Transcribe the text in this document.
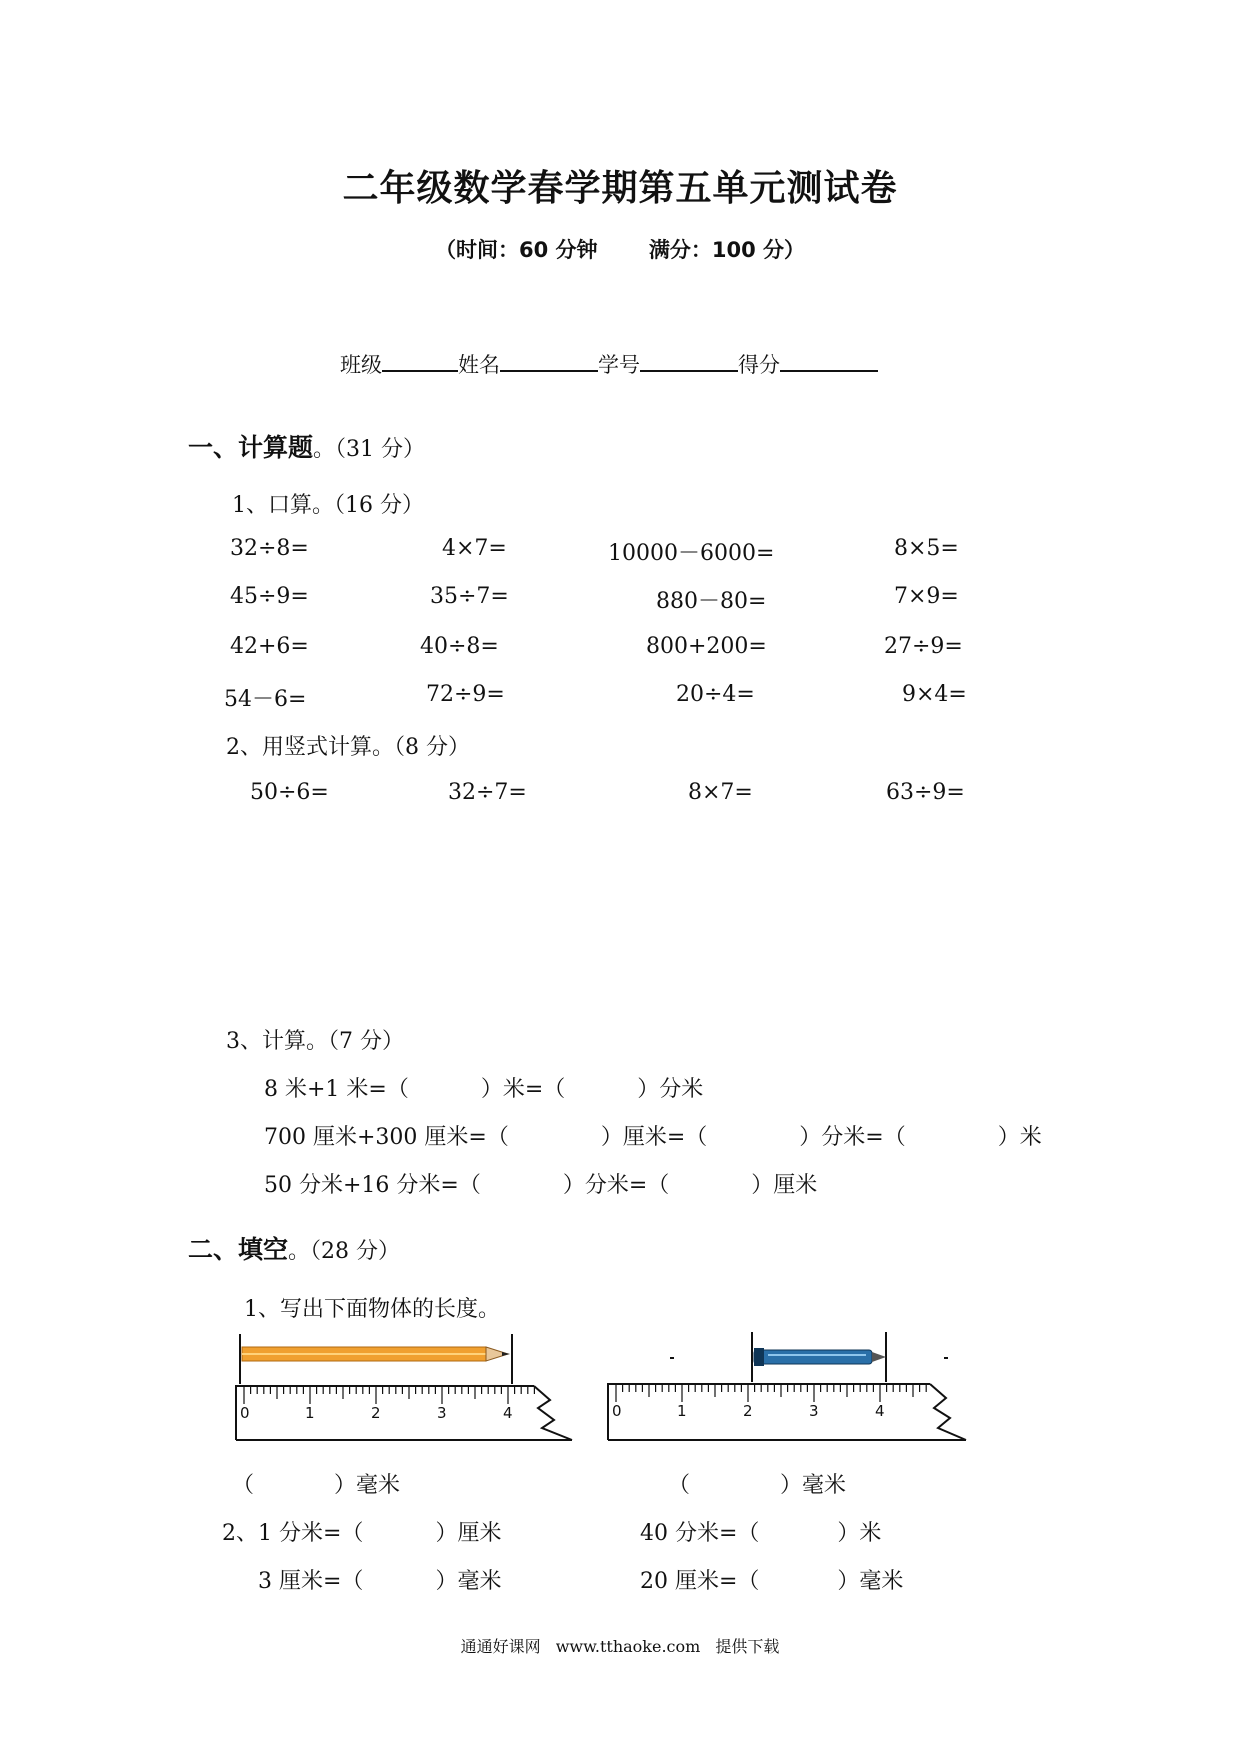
二年级数学春学期第五单元测试卷
（时间：60 分钟 满分：100 分）
班级	姓名	学号	得分
一、计算题。（31 分）
1、口算。（16 分）
32÷8=	4×7=	10000－6000=	8×5=
45÷9=	35÷7=	880－80=	7×9=
42+6=	40÷8=	800+200=	27÷9=
54－6=	72÷9=	20÷4=	9×4=
2、用竖式计算。（8 分）
50÷6=	32÷7=	8×7=	63÷9=
3、计算。（7 分）
8 米+1 米=（	）米=（	）分米
700 厘米+300 厘米=（	）厘米=（	）分米=（	）米
50 分米+16 分米=（	）分米=（	）厘米
二、填空。（28 分）
1、写出下面物体的长度。
0	1	2	3	4	0	1	2	3	4
（	）毫米	（	）毫米
2、 1 分米=（	）厘米	40 分米=（	）米
3 厘米=（	）毫米	20 厘米=（	）毫米
通通好课网 www.tthaoke.com 提供下载
